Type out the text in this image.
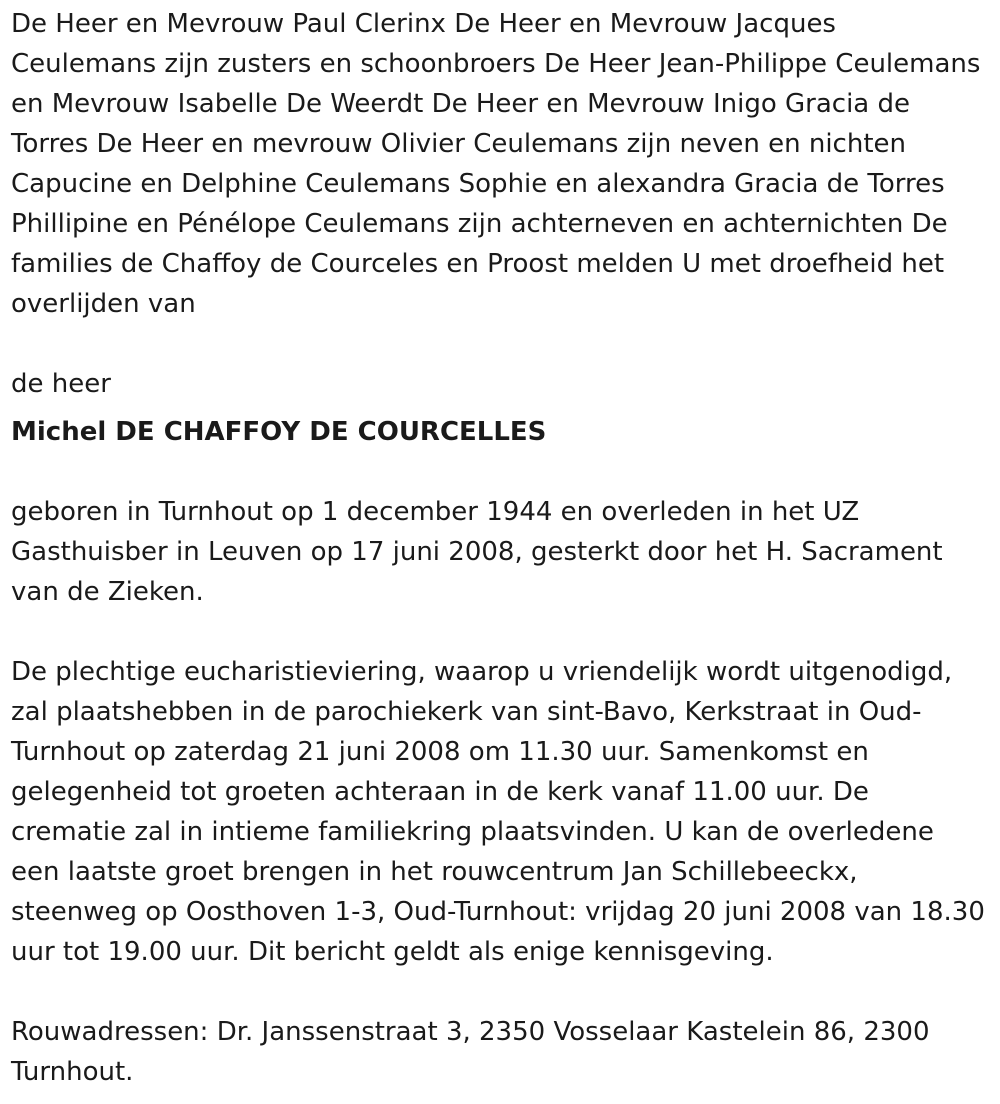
De Heer en Mevrouw Paul Clerinx De Heer en Mevrouw Jacques Ceulemans zijn zusters en schoonbroers De Heer Jean-Philippe Ceulemans en Mevrouw Isabelle De Weerdt De Heer en Mevrouw Inigo Gracia de Torres De Heer en mevrouw Olivier Ceulemans zijn neven en nichten Capucine en Delphine Ceulemans Sophie en alexandra Gracia de Torres Phillipine en Pénélope Ceulemans zijn achterneven en achternichten De families de Chaffoy de Courceles en Proost melden U met droefheid het overlijden van

de heer

Michel DE CHAFFOY DE COURCELLES

geboren in Turnhout op 1 december 1944 en overleden in het UZ Gasthuisber in Leuven op 17 juni 2008, gesterkt door het H. Sacrament van de Zieken.

De plechtige eucharistieviering, waarop u vriendelijk wordt uitgenodigd, zal plaatshebben in de parochiekerk van sint-Bavo, Kerkstraat in Oud-Turnhout op zaterdag 21 juni 2008 om 11.30 uur. Samenkomst en gelegenheid tot groeten achteraan in de kerk vanaf 11.00 uur. De crematie zal in intieme familiekring plaatsvinden. U kan de overledene een laatste groet brengen in het rouwcentrum Jan Schillebeeckx, steenweg op Oosthoven 1-3, Oud-Turnhout: vrijdag 20 juni 2008 van 18.30 uur tot 19.00 uur. Dit bericht geldt als enige kennisgeving.

Rouwadressen: Dr. Janssenstraat 3, 2350 Vosselaar Kastelein 86, 2300 Turnhout.
